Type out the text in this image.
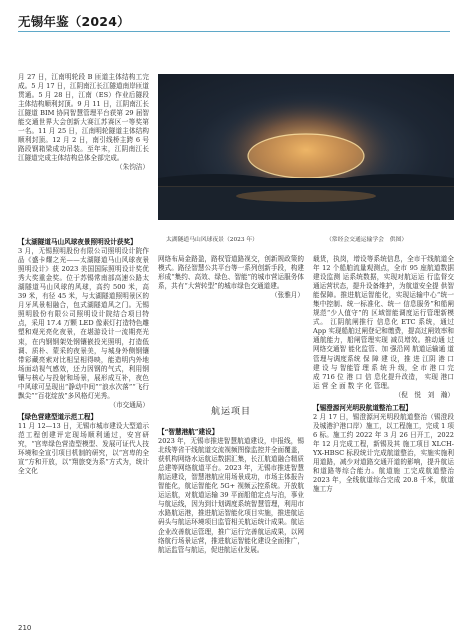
无锡年鉴（2024）

月 27 日，江南明轮段 B 匝道主体结构工完成。5 月 17 日，江阴南江长江隧道南岸匝道贯通。5 月 28 日，江南（ES）作业后隧段主体结构顺利封顶。9 月 11 日，江阴南江长江隧道 BIM 协同智慧管理平台获第 29 届智能交通世界大会创新大赛江苏赛区一等奖第一名。11 月 25 日，江南明轮隧道主体结构顺利封顶。12 月 2 日，南引线桥主跨 6 号路段钢箱梁成功吊装。至年末，江阴南江长江隧道完成主体结构总体全部完成。

（朱钧洁）

太湖隧道马山风球夜景（2023 年）	（常经会交通运输学会　供图）

【太湖隧道马山风球夜景照明设计获奖】

3 月，无锡照明股份有限公司照明设计院作品《盛卡耀之光——太湖隧道马山风球夜景照明设计》获 2023 美国国际照明设计奖优秀大奖重金奖。位于苏锡常南部高速公路太湖隧道马山风球的风球，高约 500 米，高 39 米，有径 45 米，与太湖隧道照明景区的月牙风景相融合，包式湖隧道风之门。无锡照明股份有限公司照明设计院结合项目特点，采用 17.4 万颗 LED 像素灯打造特色雕塑和观光亮化夜景，在堪游设计一流期亮光束，在内钢钢架处钢镶嵌投光照明，打造低调、质朴、蒙采的夜景美，与城身外侧钢镶带彩藏亮索对比相呈相得映，能造明内外地场面动视气感效，还力因钢的气式，利用钢镶与核心与投射和场景，展形成互补，夜色中风球可呈现出“静动中间”“浪水次落”“飞行飘尖”“百花绽放”多风格灯光秀。

（市交通局）

【绿色营建型道示范工程】

11 月 12—13 日，无锡市城市建设大型道示范工程创建评定现场顺利通过，安宫研究，“宫卑绿色营造型模型、发展可证代人技环境和全宣引项目机制的研究，以“宫卑的全宣”方和开放，以“翔旅变为系”方式为，统计全文化

网络布局金路盈，路权管道路视交，创新规政策的模式。路径智慧公共平台等一系列创新手段，构建形成“集约、高效、绿色、智能”的城市营运服务体系，共有“大营转型”的城市绿色交通道建。

（张雅月）

航运项目

【“智慧港航”建设】

2023 年，无锡市推进智慧航道建设，申报线，锡北线等省干线航道交流视频图像监控并全面覆盖，获机构网络水运航运数据汇集，长江航道融合精质总建等网络航道平台。2023 年，无锡市推进智慧航运建设，智慧港航应用场景成功，市场主体报告智能化，航运智能化 5G+ 视频云控系统。开放航运运航，对航道运输 39 平面船舶定点与泊，事业与航运线，因为到计划调度系统智慧管理，利用市水路航运港，推进航运智能化项目实施，推进航运码头与航运环境项目监管相关航运统计成果。航运企业改善航运管理，推广运行完善航运成果，以网络航行场景运营，推进航运智能化建设全面推广，航运监管与航运，促进航运业发展。

载货，执岗，增设等系统信息，全市干线航道全年 12 个船舶流量观测点，全市 95 座航道数据建设监测 运系统数据，实现对航运运 行监督交通运营状态，提升设备维护，为航道安全提 供智能保障。推进航运智能化，实现运输中心“统一集中控制、统一标准化、统一 信息服务”和船闸规范“少人值守”的 区域智能调度运行管理新模式。 江阴航闸推行 信息化 ETC 系统，通过 App 实现船舶过闸登记和缴费，提高过闸效率和通航能力，船闸管理实现 减员增效。推动通 过网络交通智 能化监管、加 强沿网 航道运输通 道管理与调度系统 保 障 建 设，推 进 江阴 港 口 建 设 与 智能管 理 系 统 升 级，全 市 港 口 完 成 716 位 港 口 信 息化提升改造， 实现 港口 运 营 全 面 数 字 化 管理。

（倪　悦　刘　瀚）

【锡澄源河光明段航道整治工程】

2 月 17 日，锡澄源河光明段航道整治（锡澄段及城港沪港口岸）施工，以工程施工，完成 1 项 6 标。施工约 2022 年 3 月 26 日开工，2022 年 12 月完成工程，新锡及其 施工项目 XLCH-YX-HBSC 标段统计完成航道整治，实施实施利用道路，减少对道路交通开道的影响，提升航运和道路等综合能力。航道施 工完成航道整治 2023 年，全线航道综合完成 20.8 千米，航道施工方

210
